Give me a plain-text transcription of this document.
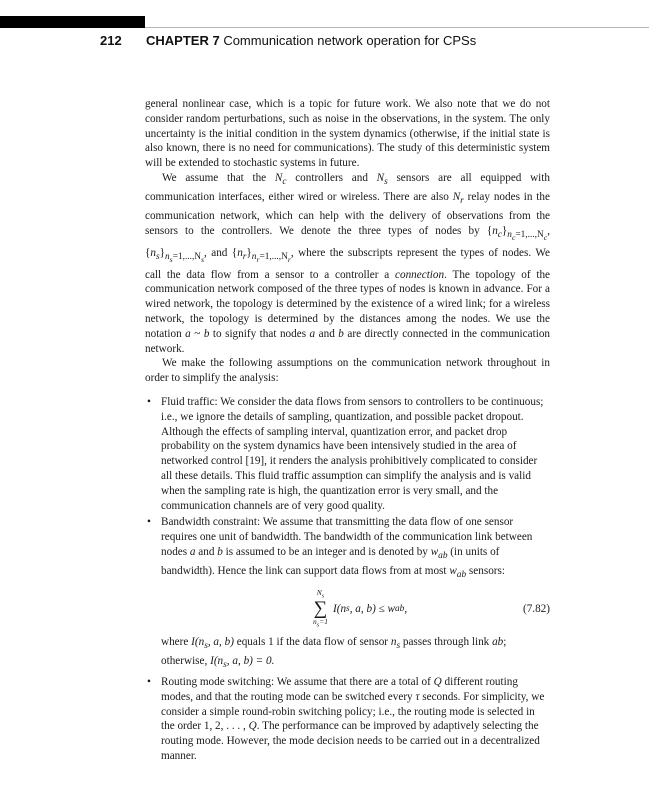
212 CHAPTER 7 Communication network operation for CPSs

general nonlinear case, which is a topic for future work. We also note that we do not consider random perturbations, such as noise in the observations, in the system. The only uncertainty is the initial condition in the system dynamics (otherwise, if the initial state is also known, there is no need for communications). The study of this deterministic system will be extended to stochastic systems in future.

We assume that the $N_c$ controllers and $N_s$ sensors are all equipped with communication interfaces, either wired or wireless. There are also $N_r$ relay nodes in the communication network, which can help with the delivery of observations from the sensors to the controllers. We denote the three types of nodes by $\{n_c\}_{n_c=1,...,N_c}$, $\{n_s\}_{n_s=1,...,N_s}$, and $\{n_r\}_{n_r=1,...,N_r}$, where the subscripts represent the types of nodes. We call the data flow from a sensor to a controller a connection. The topology of the communication network composed of the three types of nodes is known in advance. For a wired network, the topology is determined by the existence of a wired link; for a wireless network, the topology is determined by the distances among the nodes. We use the notation a ~ b to signify that nodes a and b are directly connected in the communication network.

We make the following assumptions on the communication network throughout in order to simplify the analysis:

• Fluid traffic: We consider the data flows from sensors to controllers to be continuous; i.e., we ignore the details of sampling, quantization, and possible packet dropout. Although the effects of sampling interval, quantization error, and packet drop probability on the system dynamics have been intensively studied in the area of networked control [19], it renders the analysis prohibitively complicated to consider all these details. This fluid traffic assumption can simplify the analysis and is valid when the sampling rate is high, the quantization error is very small, and the communication channels are of very good quality.
• Bandwidth constraint: We assume that transmitting the data flow of one sensor requires one unit of bandwidth. The bandwidth of the communication link between nodes a and b is assumed to be an integer and is denoted by $w_{ab}$ (in units of bandwidth). Hence the link can support data flows from at most $w_{ab}$ sensors:
$N_s$
∑
$n_s=1$
I(n s , a, b) ≤ w ab ,	(7.82)
where $I(n_s$, a, b) equals 1 if the data flow of sensor $n_s$ passes through link ab; otherwise, $I(n_s$, a, b) = 0.
• Routing mode switching: We assume that there are a total of Q different routing modes, and that the routing mode can be switched every τ seconds. For simplicity, we consider a simple round-robin switching policy; i.e., the routing mode is selected in the order 1, 2, . . . , Q. The performance can be improved by adaptively selecting the routing mode. However, the mode decision needs to be carried out in a decentralized manner.
